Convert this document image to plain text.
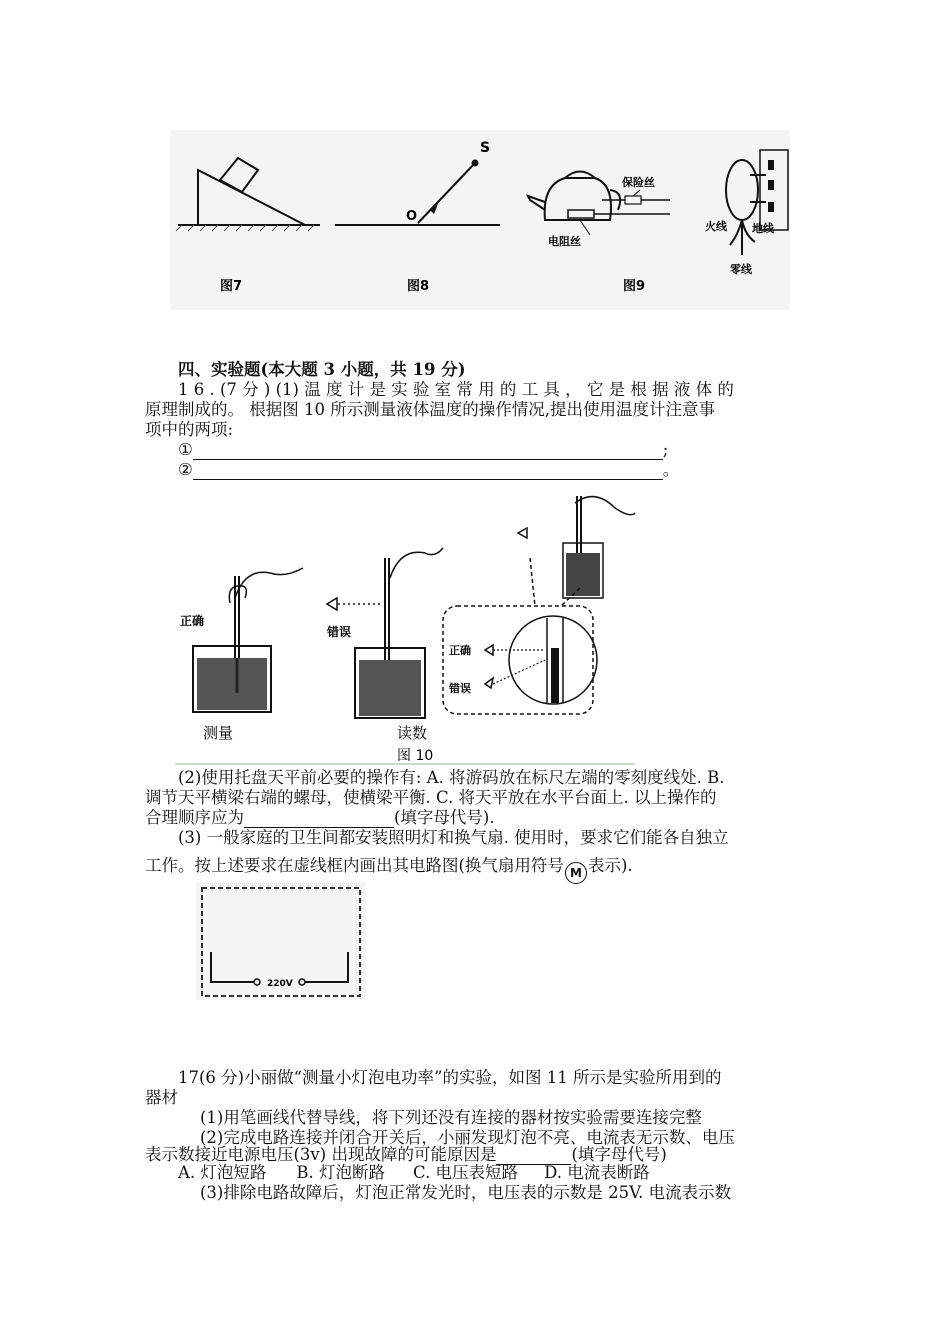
S
O
保险丝
电阻丝
火线 地线
零线
图7	图8	图9
四、实验题(本大题 3 小题，共 19 分)
1 6 . (7 分 ) (1) 温 度 计 是 实 验 室 常 用 的 工 具 ， 它 是 根 据 液 体 的
原理制成的。 根据图 10 所示测量液体温度的操作情况,提出使用温度计注意事
项中的两项:
①	;
②	。
正确
测量
错误
读数
正确
错误
图 10
(2)使用托盘天平前必要的操作有: A. 将游码放在标尺左端的零刻度线处. B.
调节天平横梁右端的螺母，使横梁平衡. C. 将天平放在水平台面上. 以上操作的
合理顺序应为	(填字母代号).
(3) 一般家庭的卫生间都安装照明灯和换气扇. 使用时，要求它们能各自独立
工作。按上述要求在虚线框内画出其电路图(换气扇用符号 M 表示).
220V
17(6 分)小丽做“测量小灯泡电功率”的实验，如图 11 所示是实验所用到的
器材
(1)用笔画线代替导线，将下列还没有连接的器材按实验需要连接完整
(2)完成电路连接并闭合开关后，小丽发现灯泡不亮、电流表无示数、电压
表示数接近电源电压(3v) 出现故障的可能原因是	(填字母代号)
A. 灯泡短路 B. 灯泡断路 C. 电压表短路 D. 电流表断路
(3)排除电路故障后，灯泡正常发光时，电压表的示数是 25V. 电流表示数
